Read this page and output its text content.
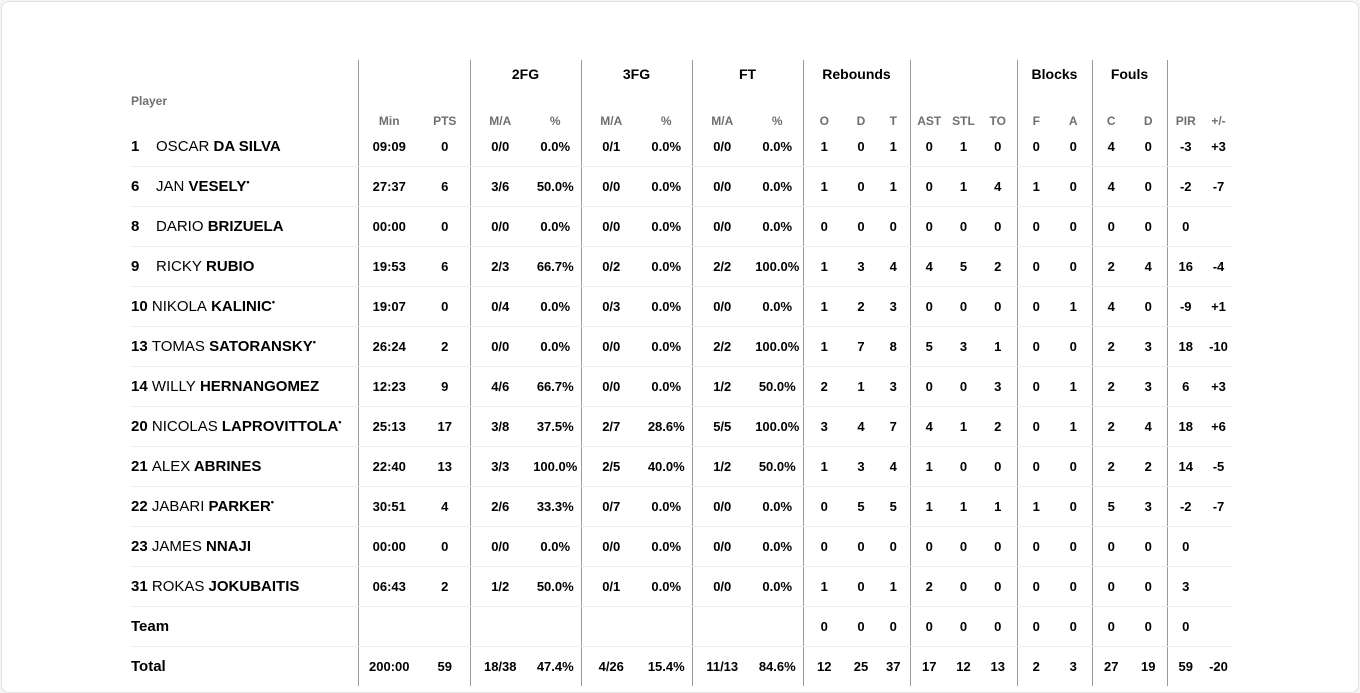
			2FG		3FG		FT		Rebounds						Blocks		Fouls			
Player	Min	PTS	M/A	%	M/A	%	M/A	%	O	D	T	AST	STL	TO	F	A	C	D	PIR	+/-
1 OSCAR DA SILVA	09:09	0	0/0	0.0%	0/1	0.0%	0/0	0.0%	1	0	1	0	1	0	0	0	4	0	-3	+3
6 JAN VESELY•	27:37	6	3/6	50.0%	0/0	0.0%	0/0	0.0%	1	0	1	0	1	4	1	0	4	0	-2	-7
8 DARIO BRIZUELA	00:00	0	0/0	0.0%	0/0	0.0%	0/0	0.0%	0	0	0	0	0	0	0	0	0	0	0	
9 RICKY RUBIO	19:53	6	2/3	66.7%	0/2	0.0%	2/2	100.0%	1	3	4	4	5	2	0	0	2	4	16	-4
10 NIKOLA KALINIC•	19:07	0	0/4	0.0%	0/3	0.0%	0/0	0.0%	1	2	3	0	0	0	0	1	4	0	-9	+1
13 TOMAS SATORANSKY•	26:24	2	0/0	0.0%	0/0	0.0%	2/2	100.0%	1	7	8	5	3	1	0	0	2	3	18	-10
14 WILLY HERNANGOMEZ	12:23	9	4/6	66.7%	0/0	0.0%	1/2	50.0%	2	1	3	0	0	3	0	1	2	3	6	+3
20 NICOLAS LAPROVITTOLA•	25:13	17	3/8	37.5%	2/7	28.6%	5/5	100.0%	3	4	7	4	1	2	0	1	2	4	18	+6
21 ALEX ABRINES	22:40	13	3/3	100.0%	2/5	40.0%	1/2	50.0%	1	3	4	1	0	0	0	0	2	2	14	-5
22 JABARI PARKER•	30:51	4	2/6	33.3%	0/7	0.0%	0/0	0.0%	0	5	5	1	1	1	1	0	5	3	-2	-7
23 JAMES NNAJI	00:00	0	0/0	0.0%	0/0	0.0%	0/0	0.0%	0	0	0	0	0	0	0	0	0	0	0	
31 ROKAS JOKUBAITIS	06:43	2	1/2	50.0%	0/1	0.0%	0/0	0.0%	1	0	1	2	0	0	0	0	0	0	3	
Team									0	0	0	0	0	0	0	0	0	0	0	
Total	200:00	59	18/38	47.4%	4/26	15.4%	11/13	84.6%	12	25	37	17	12	13	2	3	27	19	59	-20
